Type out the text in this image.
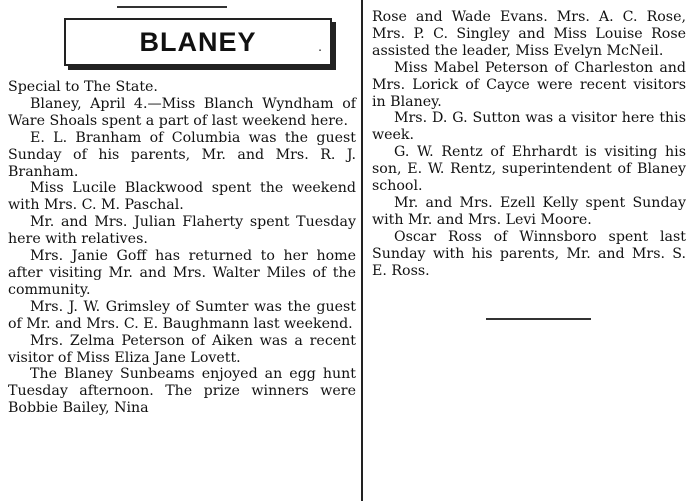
BLANEY	.

Special to The State.

Blaney, April 4.—Miss Blanch Wyndham of Ware Shoals spent a part of last weekend here.

E. L. Branham of Columbia was the guest Sunday of his parents, Mr. and Mrs. R. J. Branham.

Miss Lucile Blackwood spent the weekend with Mrs. C. M. Paschal.

Mr. and Mrs. Julian Flaherty spent Tuesday here with relatives.

Mrs. Janie Goff has returned to her home after visiting Mr. and Mrs. Walter Miles of the community.

Mrs. J. W. Grimsley of Sumter was the guest of Mr. and Mrs. C. E. Baughmann last weekend.

Mrs. Zelma Peterson of Aiken was a recent visitor of Miss Eliza Jane Lovett.

The Blaney Sunbeams enjoyed an egg hunt Tuesday afternoon. The prize winners were Bobbie Bailey, Nina

Rose and Wade Evans. Mrs. A. C. Rose, Mrs. P. C. Singley and Miss Louise Rose assisted the leader, Miss Evelyn McNeil.

Miss Mabel Peterson of Charleston and Mrs. Lorick of Cayce were recent visitors in Blaney.

Mrs. D. G. Sutton was a visitor here this week.

G. W. Rentz of Ehrhardt is visiting his son, E. W. Rentz, superintendent of Blaney school.

Mr. and Mrs. Ezell Kelly spent Sunday with Mr. and Mrs. Levi Moore.

Oscar Ross of Winnsboro spent last Sunday with his parents, Mr. and Mrs. S. E. Ross.
